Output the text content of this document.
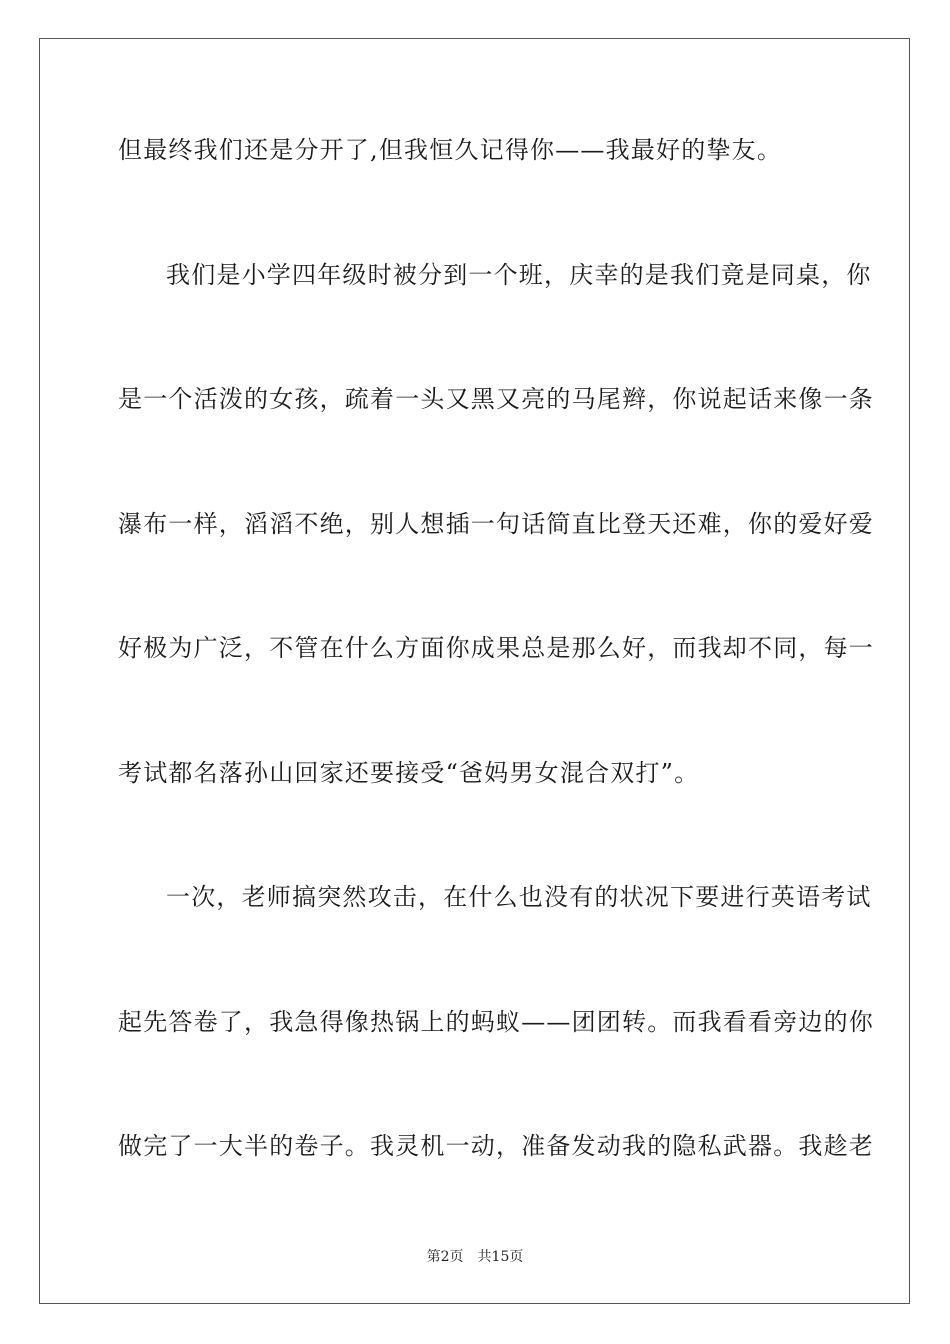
但最终我们还是分开了,但我恒久记得你——我最好的挚友。
我们是小学四年级时被分到一个班，庆幸的是我们竟是同桌，你
是一个活泼的女孩，疏着一头又黑又亮的马尾辫，你说起话来像一条
瀑布一样，滔滔不绝，别人想插一句话简直比登天还难，你的爱好爱
好极为广泛，不管在什么方面你成果总是那么好，而我却不同，每一
考试都名落孙山回家还要接受“爸妈男女混合双打”。
一次，老师搞突然攻击，在什么也没有的状况下要进行英语考试
起先答卷了，我急得像热锅上的蚂蚁——团团转。而我看看旁边的你
做完了一大半的卷子。我灵机一动，准备发动我的隐私武器。我趁老
第2页 共15页
